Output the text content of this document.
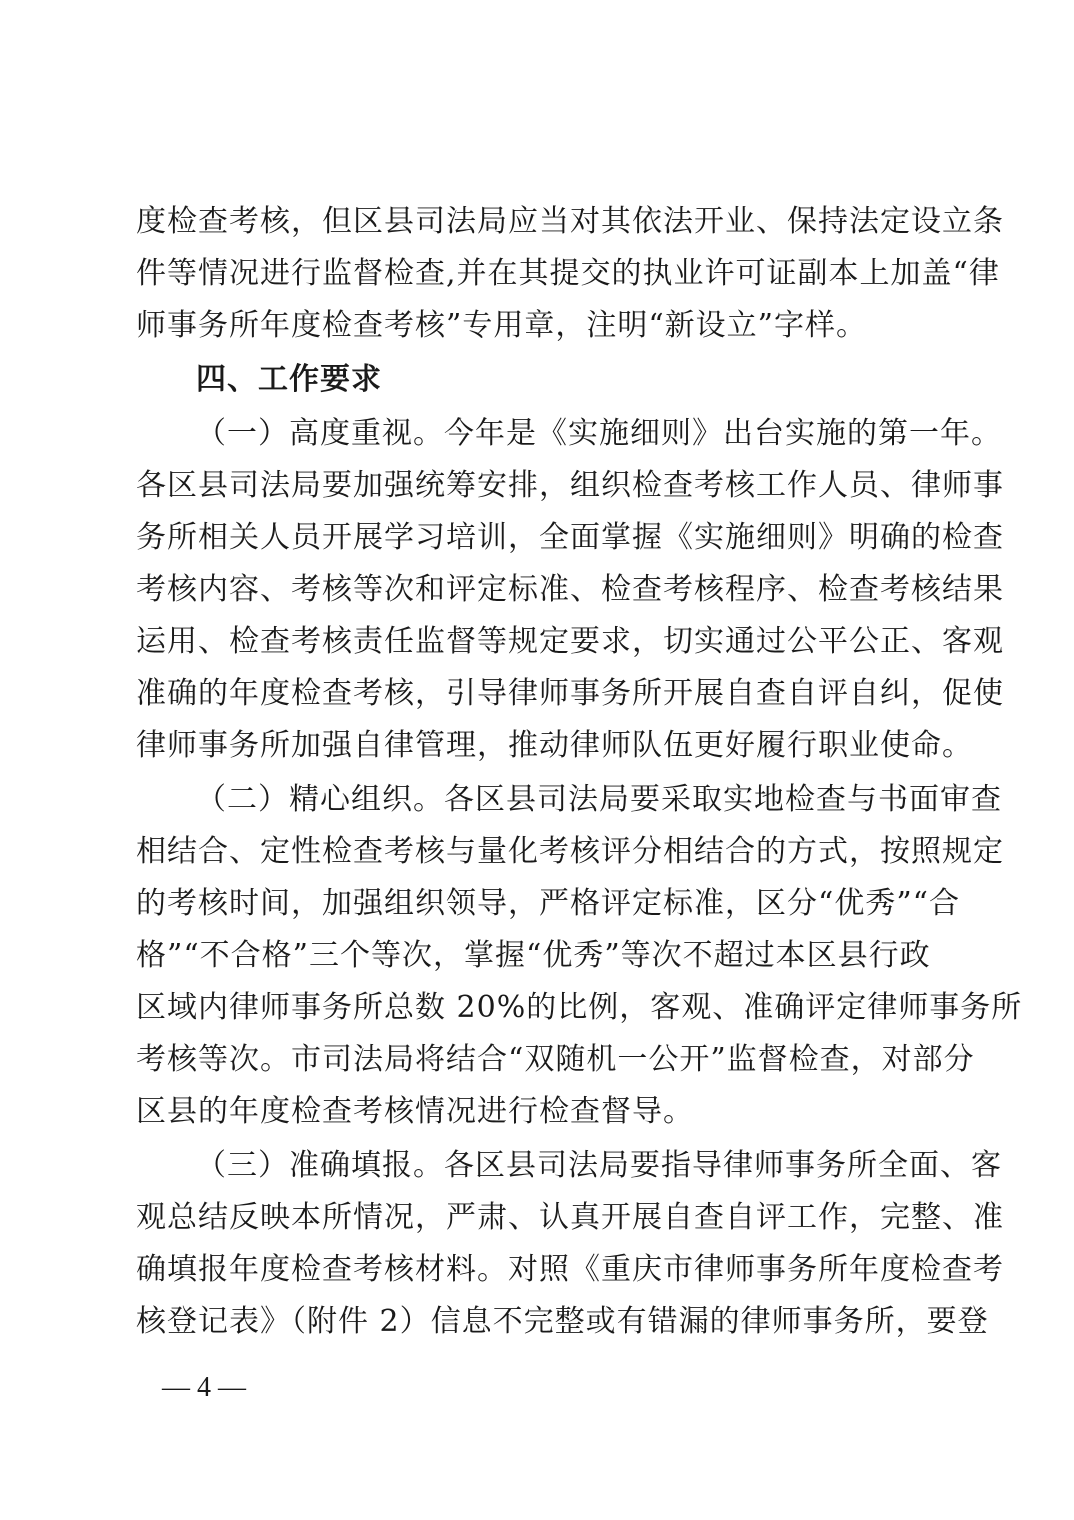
度检查考核，但区县司法局应当对其依法开业、保持法定设立条
件等情况进行监督检查,并在其提交的执业许可证副本上加盖“律
师事务所年度检查考核”专用章，注明“新设立”字样。
四、工作要求
（一）高度重视。今年是《实施细则》出台实施的第一年。
各区县司法局要加强统筹安排，组织检查考核工作人员、律师事
务所相关人员开展学习培训，全面掌握《实施细则》明确的检查
考核内容、考核等次和评定标准、检查考核程序、检查考核结果
运用、检查考核责任监督等规定要求，切实通过公平公正、客观
准确的年度检查考核，引导律师事务所开展自查自评自纠，促使
律师事务所加强自律管理，推动律师队伍更好履行职业使命。
（二）精心组织。各区县司法局要采取实地检查与书面审查
相结合、定性检查考核与量化考核评分相结合的方式，按照规定
的考核时间，加强组织领导，严格评定标准，区分“优秀”“合
格”“不合格”三个等次，掌握“优秀”等次不超过本区县行政
区域内律师事务所总数 20%的比例，客观、准确评定律师事务所
考核等次。市司法局将结合“双随机一公开”监督检查，对部分
区县的年度检查考核情况进行检查督导。
（三）准确填报。各区县司法局要指导律师事务所全面、客
观总结反映本所情况，严肃、认真开展自查自评工作，完整、准
确填报年度检查考核材料。对照《重庆市律师事务所年度检查考
核登记表》（附件 2）信息不完整或有错漏的律师事务所，要登
— 4 —
